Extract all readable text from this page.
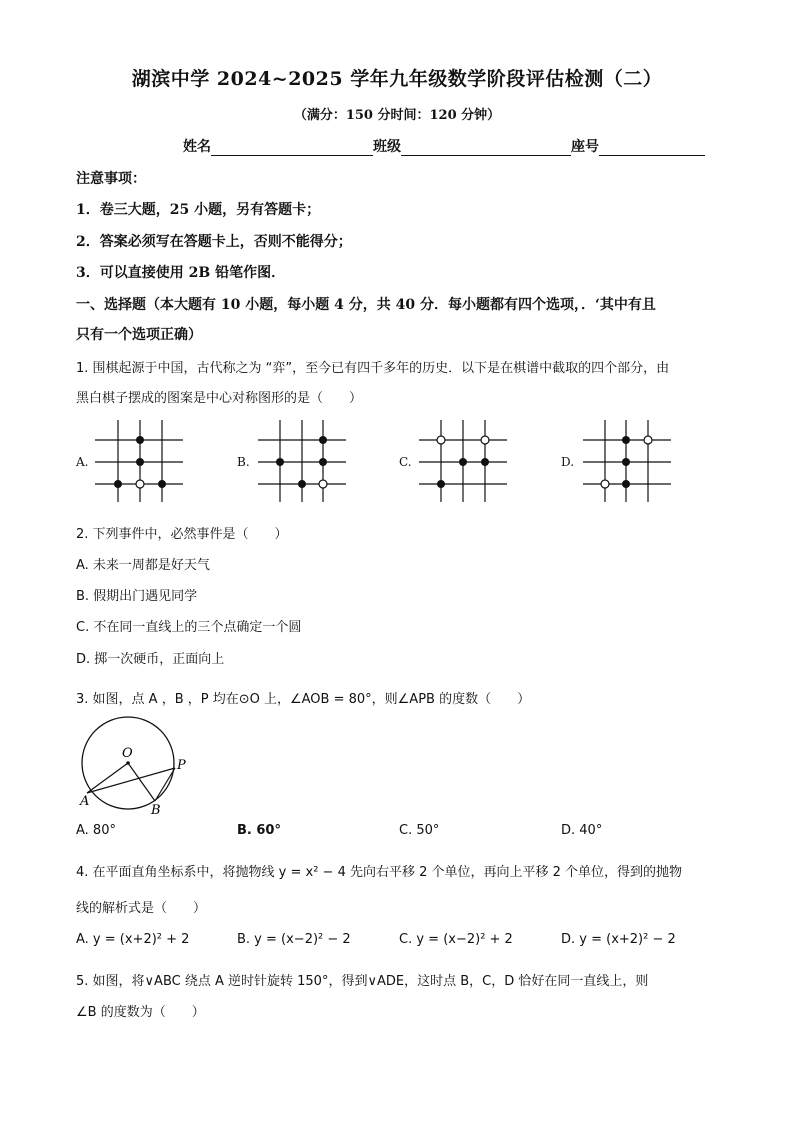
湖滨中学 2024~2025 学年九年级数学阶段评估检测（二）
（满分：150 分时间：120 分钟）
姓名	班级	座号
注意事项：
1．卷三大题，25 小题，另有答题卡；
2．答案必须写在答题卡上，否则不能得分；
3．可以直接使用 2B 铅笔作图．
一、选择题（本大题有 10 小题，每小题 4 分，共 40 分．每小题都有四个选项，．‘其中有且
只有一个选项正确）
1. 围棋起源于中国，古代称之为 “弈”，至今已有四千多年的历史．以下是在棋谱中截取的四个部分，由
黑白棋子摆成的图案是中心对称图形的是（　　）
A.	B.	C.	D.
2. 下列事件中，必然事件是（　　）
A. 未来一周都是好天气
B. 假期出门遇见同学
C. 不在同一直线上的三个点确定一个圆
D. 掷一次硬币，正面向上
3. 如图，点 A ，B ，P 均在⊙O 上，∠AOB = 80°，则∠APB 的度数（　　）
O
A
B
P
A. 80°	B. 60°	C. 50°	D. 40°
4. 在平面直角坐标系中，将抛物线 y = x² − 4 先向右平移 2 个单位，再向上平移 2 个单位，得到的抛物
线的解析式是（　　）
A. y = (x+2)² + 2	B. y = (x−2)² − 2	C. y = (x−2)² + 2	D. y = (x+2)² − 2
5. 如图，将∨ABC 绕点 A 逆时针旋转 150°，得到∨ADE，这时点 B，C，D 恰好在同一直线上，则
∠B 的度数为（　　）
